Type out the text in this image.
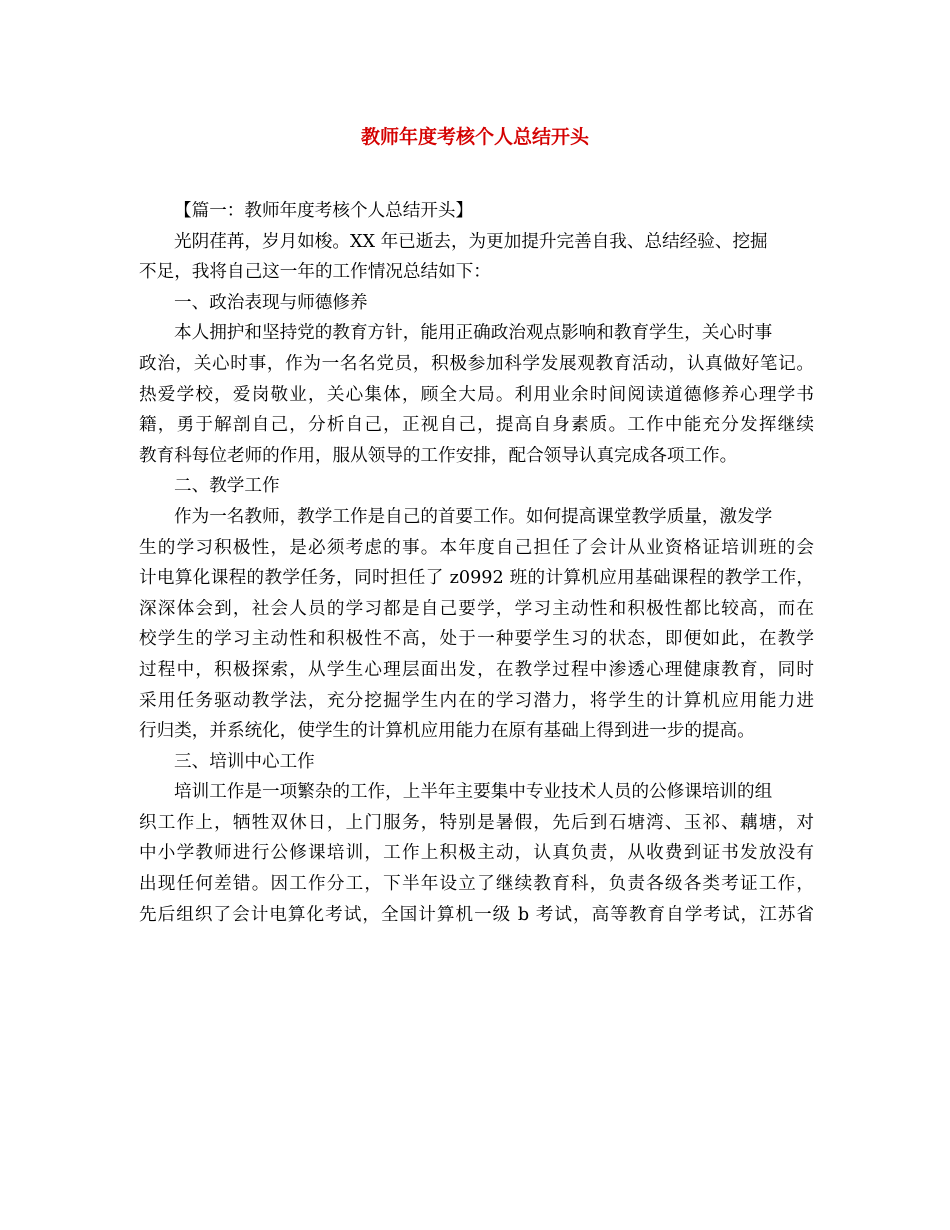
教师年度考核个人总结开头
【篇一：教师年度考核个人总结开头】
光阴荏苒，岁月如梭。XX 年已逝去，为更加提升完善自我、总结经验、挖掘
不足，我将自己这一年的工作情况总结如下：
一、政治表现与师德修养
本人拥护和坚持党的教育方针，能用正确政治观点影响和教育学生，关心时事
政治，关心时事，作为一名名党员，积极参加科学发展观教育活动，认真做好笔记。
热爱学校，爱岗敬业，关心集体，顾全大局。利用业余时间阅读道德修养心理学书
籍，勇于解剖自己，分析自己，正视自己，提高自身素质。工作中能充分发挥继续
教育科每位老师的作用，服从领导的工作安排，配合领导认真完成各项工作。
二、教学工作
作为一名教师，教学工作是自己的首要工作。如何提高课堂教学质量，激发学
生的学习积极性，是必须考虑的事。本年度自己担任了会计从业资格证培训班的会
计电算化课程的教学任务，同时担任了 z0992 班的计算机应用基础课程的教学工作，
深深体会到，社会人员的学习都是自己要学，学习主动性和积极性都比较高，而在
校学生的学习主动性和积极性不高，处于一种要学生习的状态，即便如此，在教学
过程中，积极探索，从学生心理层面出发，在教学过程中渗透心理健康教育，同时
采用任务驱动教学法，充分挖掘学生内在的学习潜力，将学生的计算机应用能力进
行归类，并系统化，使学生的计算机应用能力在原有基础上得到进一步的提高。
三、培训中心工作
培训工作是一项繁杂的工作，上半年主要集中专业技术人员的公修课培训的组
织工作上，牺牲双休日，上门服务，特别是暑假，先后到石塘湾、玉祁、藕塘，对
中小学教师进行公修课培训，工作上积极主动，认真负责，从收费到证书发放没有
出现任何差错。因工作分工，下半年设立了继续教育科，负责各级各类考证工作，
先后组织了会计电算化考试，全国计算机一级 b 考试，高等教育自学考试，江苏省
